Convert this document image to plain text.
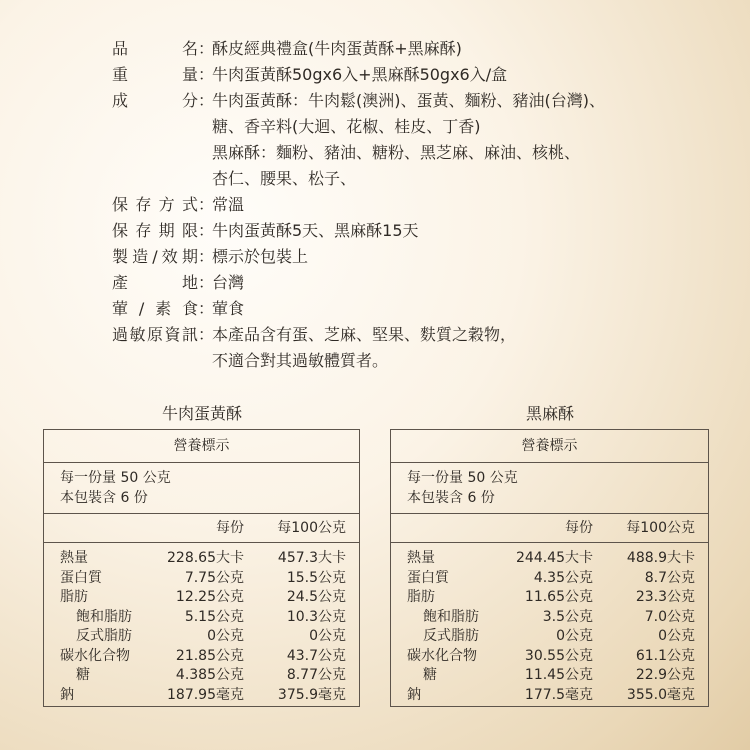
品	名 ：
酥皮經典禮盒(牛肉蛋黃酥+黑麻酥)
重	量 ：
牛肉蛋黃酥50gx6入+黑麻酥50gx6入/盒
成	分 ：
牛肉蛋黃酥：牛肉鬆(澳洲)、蛋黃、麵粉、豬油(台灣)、
糖、香辛料(大迴、花椒、桂皮、丁香)
黑麻酥：麵粉、豬油、糖粉、黑芝麻、麻油、核桃、
杏仁、腰果、松子、
保 存 方 式 ：
常溫
保 存 期 限 ：
牛肉蛋黃酥5天、黑麻酥15天
製 造 / 效 期 ：
標示於包裝上
產	地 ：
台灣
葷 / 素 食 ：
葷食
過 敏 原 資 訊 ：
本產品含有蛋、芝麻、堅果、麩質之穀物，
不適合對其過敏體質者。
牛肉蛋黃酥
營養標示
每一份量 50 公克
本包裝含 6 份
每份 每100公克
熱量	228.65大卡 457.3大卡
蛋白質	7.75公克	15.5公克
脂肪	12.25公克	24.5公克
飽和脂肪	5.15公克	10.3公克
反式脂肪	0公克	0公克
碳水化合物	21.85公克	43.7公克
糖	4.385公克	8.77公克
鈉	187.95毫克 375.9毫克
黑麻酥
營養標示
每一份量 50 公克
本包裝含 6 份
每份 每100公克
熱量	244.45大卡 488.9大卡
蛋白質	4.35公克	8.7公克
脂肪	11.65公克	23.3公克
飽和脂肪	3.5公克	7.0公克
反式脂肪	0公克	0公克
碳水化合物	30.55公克	61.1公克
糖	11.45公克	22.9公克
鈉	177.5毫克 355.0毫克
